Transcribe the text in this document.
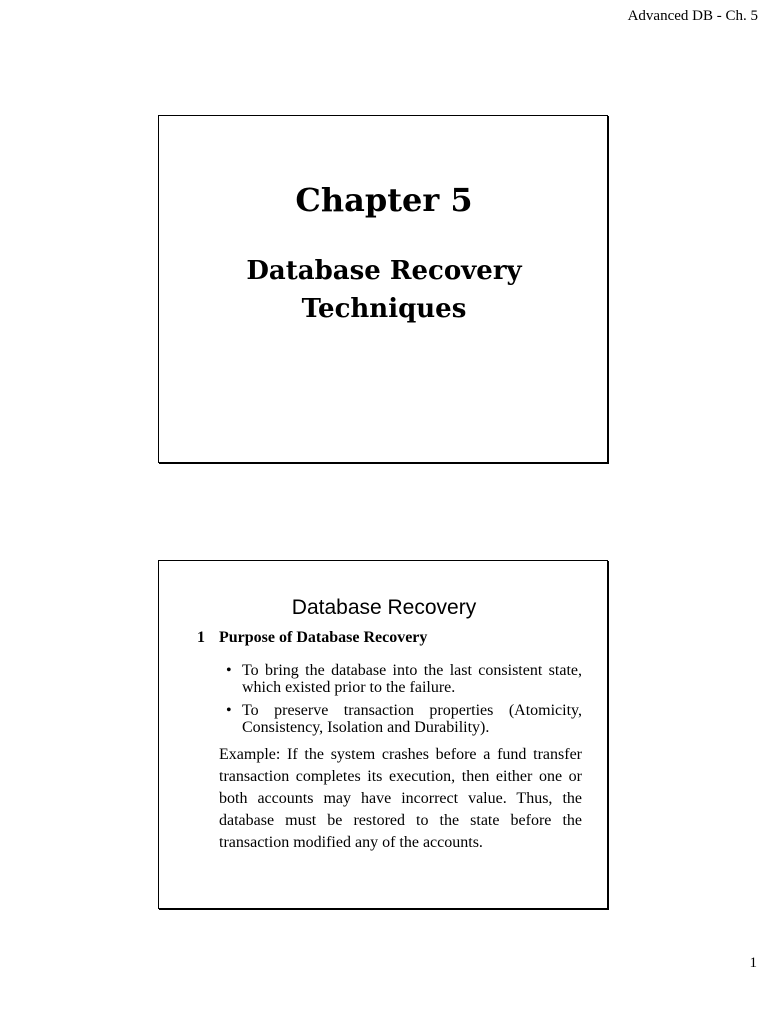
Advanced DB - Ch. 5
Chapter 5
Database Recovery
Techniques
Database Recovery
1 Purpose of Database Recovery
• To bring the database into the last consistent state, which existed prior to the failure.
• To preserve transaction properties (Atomicity, Consistency, Isolation and Durability).

Example: If the system crashes before a fund transfer transaction completes its execution, then either one or both accounts may have incorrect value. Thus, the database must be restored to the state before the transaction modified any of the accounts.

1
